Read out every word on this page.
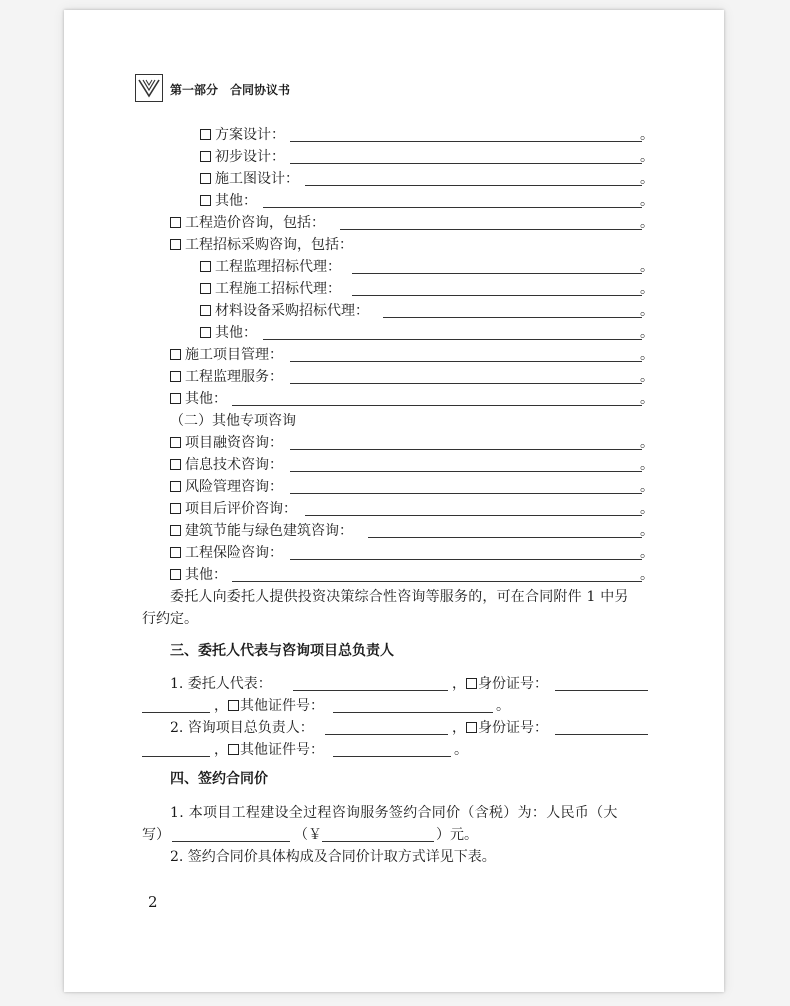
第一部分　合同协议书
方案设计：	。
初步设计：	。
施工图设计：	。
其他：	。
工程造价咨询，包括：	。
工程招标采购咨询，包括：
工程监理招标代理：	。
工程施工招标代理：	。
材料设备采购招标代理：	。
其他：	。
施工项目管理：	。
工程监理服务：	。
其他：	。
（二）其他专项咨询
项目融资咨询：	。
信息技术咨询：	。
风险管理咨询：	。
项目后评价咨询：	。
建筑节能与绿色建筑咨询：	。
工程保险咨询：	。
其他：	。
委托人向委托人提供投资决策综合性咨询等服务的，可在合同附件 1 中另
行约定。
三、委托人代表与咨询项目总负责人
1. 委托人代表：	， 身份证号：
， 其他证件号：	。
2. 咨询项目总负责人：	， 身份证号：
， 其他证件号：	。
四、签约合同价
1. 本项目工程建设全过程咨询服务签约合同价（含税）为：人民币（大
写）	（￥	）元。
2. 签约合同价具体构成及合同价计取方式详见下表。
2
